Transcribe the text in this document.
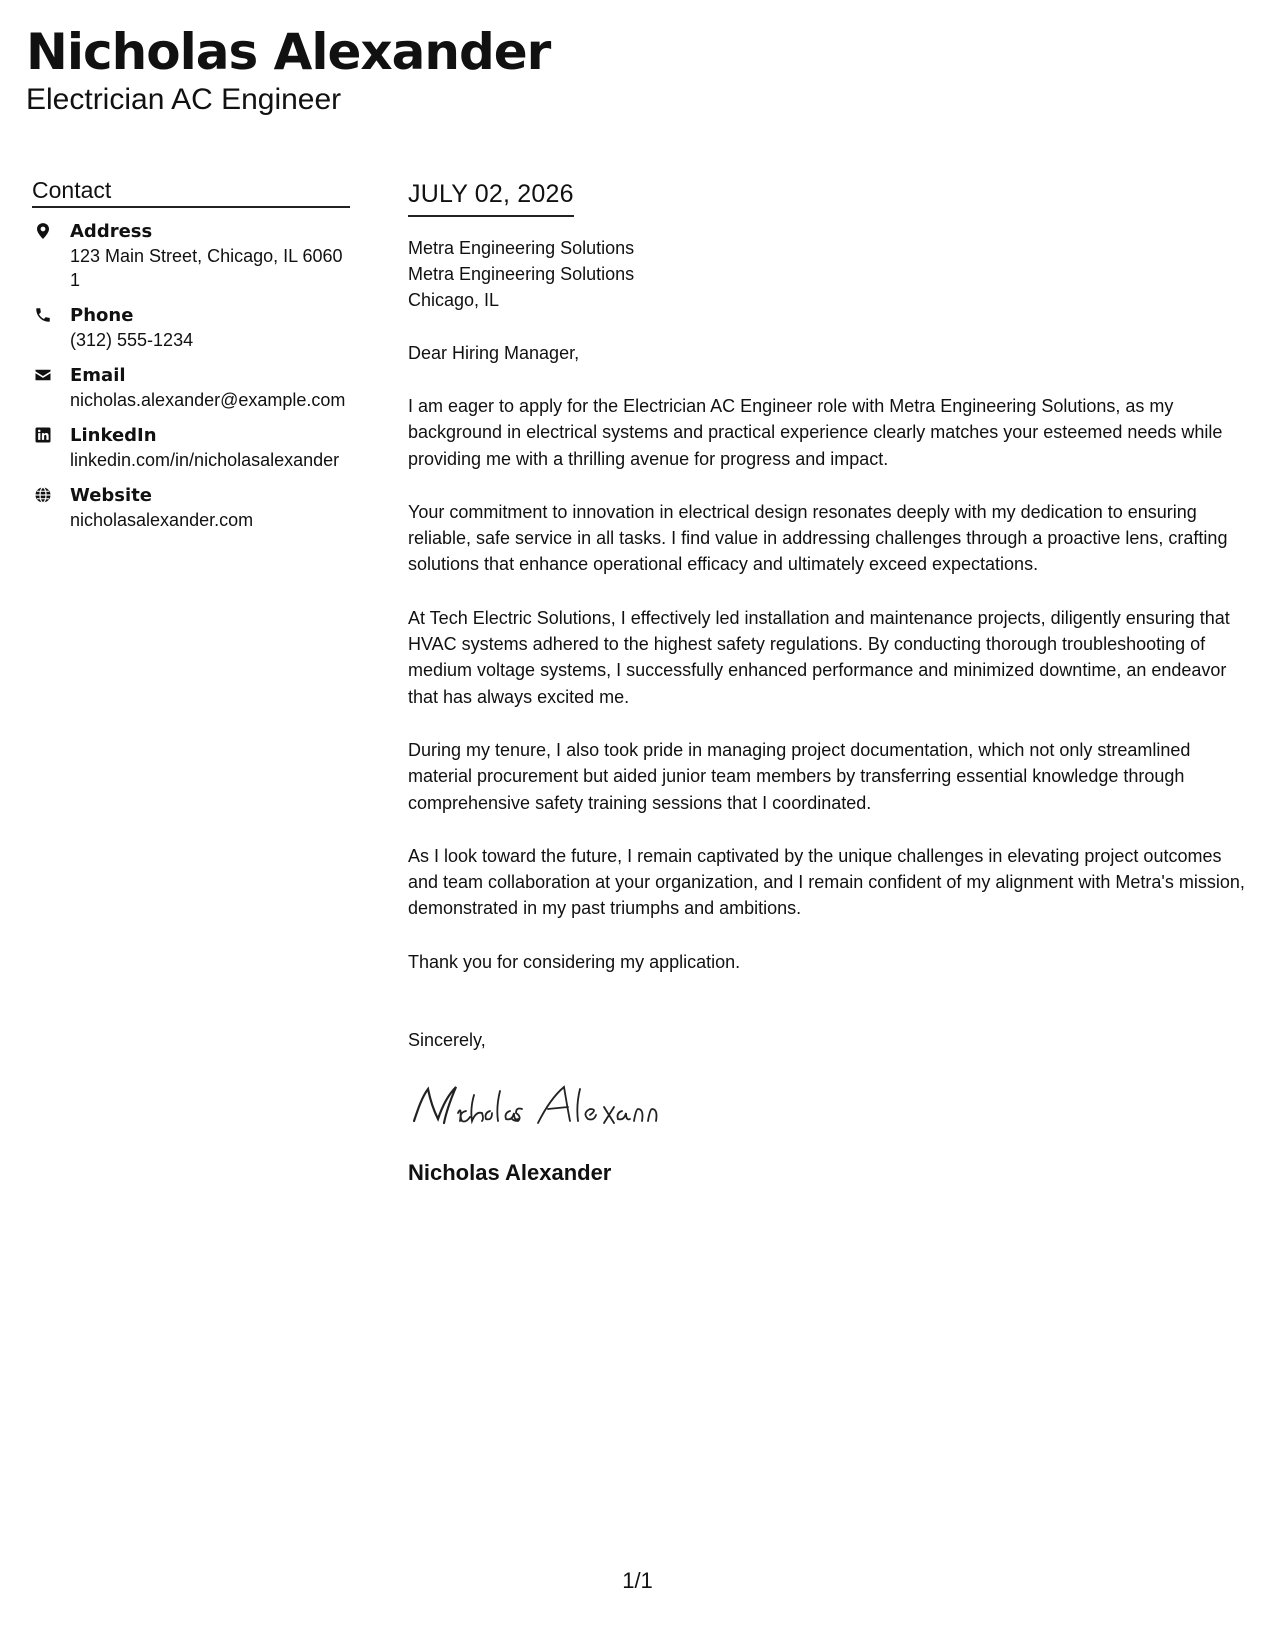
Nicholas Alexander
Electrician AC Engineer
Contact
Address
123 Main Street, Chicago, IL 60601
Phone
(312) 555-1234
Email
nicholas.alexander@example.com
LinkedIn
linkedin.com/in/nicholasalexander
Website
nicholasalexander.com
JULY 02, 2026
Metra Engineering Solutions
Metra Engineering Solutions
Chicago, IL
Dear Hiring Manager,
I am eager to apply for the Electrician AC Engineer role with Metra Engineering Solutions, as my background in electrical systems and practical experience clearly matches your esteemed needs while providing me with a thrilling avenue for progress and impact.
Your commitment to innovation in electrical design resonates deeply with my dedication to ensuring reliable, safe service in all tasks. I find value in addressing challenges through a proactive lens, crafting solutions that enhance operational efficacy and ultimately exceed expectations.
At Tech Electric Solutions, I effectively led installation and maintenance projects, diligently ensuring that HVAC systems adhered to the highest safety regulations. By conducting thorough troubleshooting of medium voltage systems, I successfully enhanced performance and minimized downtime, an endeavor that has always excited me.
During my tenure, I also took pride in managing project documentation, which not only streamlined material procurement but aided junior team members by transferring essential knowledge through comprehensive safety training sessions that I coordinated.
As I look toward the future, I remain captivated by the unique challenges in elevating project outcomes and team collaboration at your organization, and I remain confident of my alignment with Metra's mission, demonstrated in my past triumphs and ambitions.
Thank you for considering my application.
Sincerely,
Nicholas Alexander
1/1
